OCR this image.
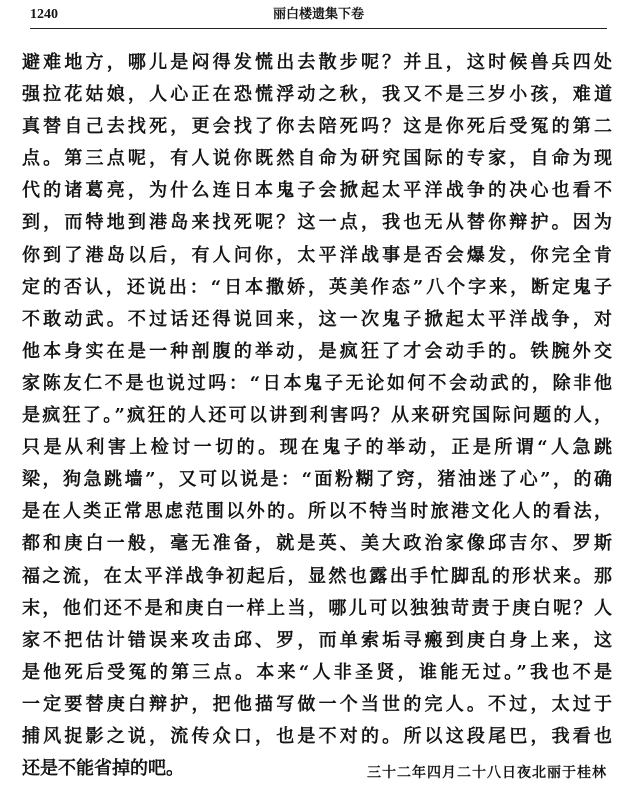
1240	丽白楼遗集下卷
避难地方，哪儿是闷得发慌出去散步呢？并且，这时候兽兵四处
强拉花姑娘，人心正在恐慌浮动之秋，我又不是三岁小孩，难道
真替自己去找死，更会找了你去陪死吗？这是你死后受冤的第二
点。第三点呢，有人说你既然自命为研究国际的专家，自命为现
代的诸葛亮，为什么连日本鬼子会掀起太平洋战争的决心也看不
到，而特地到港岛来找死呢？这一点，我也无从替你辩护。因为
你到了港岛以后，有人问你，太平洋战事是否会爆发，你完全肯
定的否认，还说出：“日本撒娇，英美作态”八个字来，断定鬼子
不敢动武。不过话还得说回来，这一次鬼子掀起太平洋战争，对
他本身实在是一种剖腹的举动，是疯狂了才会动手的。铁腕外交
家陈友仁不是也说过吗：“日本鬼子无论如何不会动武的，除非他
是疯狂了。”疯狂的人还可以讲到利害吗？从来研究国际问题的人，
只是从利害上检讨一切的。现在鬼子的举动，正是所谓“人急跳
梁，狗急跳墙”，又可以说是：“面粉糊了窍，猪油迷了心”，的确
是在人类正常思虑范围以外的。所以不特当时旅港文化人的看法，
都和庚白一般，毫无准备，就是英、美大政治家像邱吉尔、罗斯
福之流，在太平洋战争初起后，显然也露出手忙脚乱的形状来。那
末，他们还不是和庚白一样上当，哪儿可以独独苛责于庚白呢？人
家不把估计错误来攻击邱、罗，而单索垢寻瘢到庚白身上来，这
是他死后受冤的第三点。本来“人非圣贤，谁能无过。”我也不是
一定要替庚白辩护，把他描写做一个当世的完人。不过，太过于
捕风捉影之说，流传众口，也是不对的。所以这段尾巴，我看也
还是不能省掉的吧。	三十二年四月二十八日夜北丽于桂林
